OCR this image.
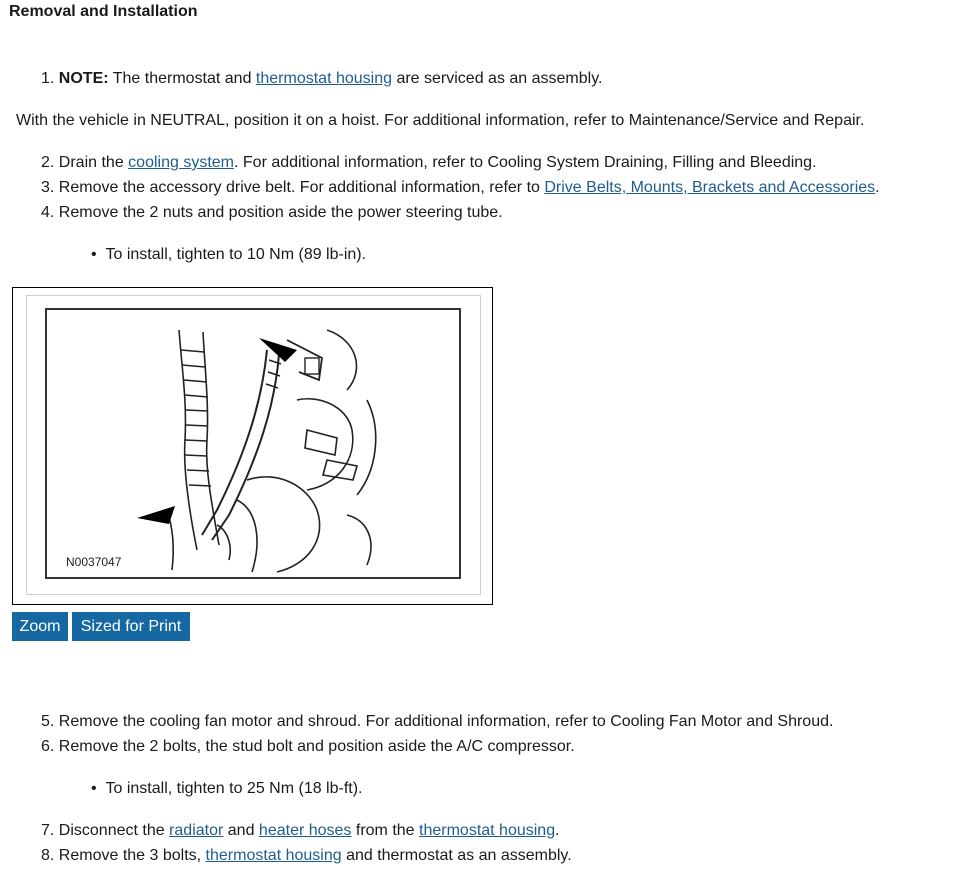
Removal and Installation
1. NOTE: The thermostat and thermostat housing are serviced as an assembly.
With the vehicle in NEUTRAL, position it on a hoist. For additional information, refer to Maintenance/Service and Repair.
2. Drain the cooling system. For additional information, refer to Cooling System Draining, Filling and Bleeding.
3. Remove the accessory drive belt. For additional information, refer to Drive Belts, Mounts, Brackets and Accessories.
4. Remove the 2 nuts and position aside the power steering tube.
• To install, tighten to 10 Nm (89 lb-in).
N0037047
Zoom	Sized for Print
5. Remove the cooling fan motor and shroud. For additional information, refer to Cooling Fan Motor and Shroud.
6. Remove the 2 bolts, the stud bolt and position aside the A/C compressor.
• To install, tighten to 25 Nm (18 lb-ft).
7. Disconnect the radiator and heater hoses from the thermostat housing.
8. Remove the 3 bolts, thermostat housing and thermostat as an assembly.
